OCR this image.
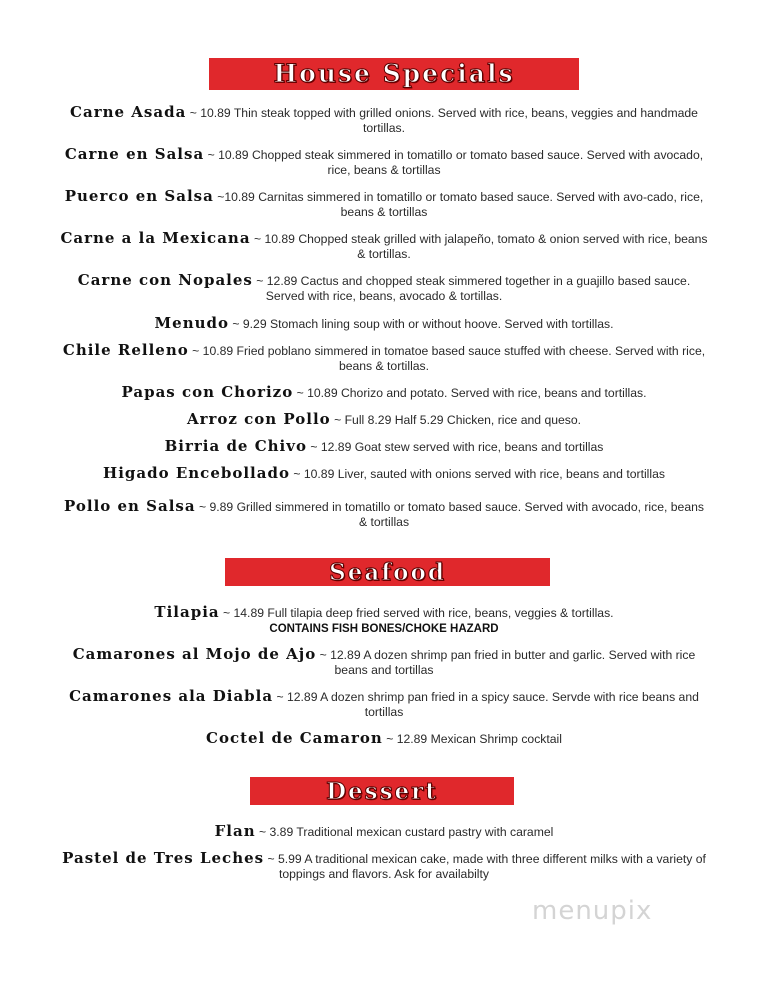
House Specials
Carne Asada ~ 10.89 Thin steak topped with grilled onions. Served with rice, beans, veggies and handmade tortillas.
Carne en Salsa ~ 10.89 Chopped steak simmered in tomatillo or tomato based sauce. Served with avocado, rice, beans & tortillas
Puerco en Salsa ~10.89 Carnitas simmered in tomatillo or tomato based sauce. Served with avo-cado, rice, beans & tortillas
Carne a la Mexicana ~ 10.89 Chopped steak grilled with jalapeño, tomato & onion served with rice, beans & tortillas.
Carne con Nopales ~ 12.89 Cactus and chopped steak simmered together in a guajillo based sauce. Served with rice, beans, avocado & tortillas.
Menudo ~ 9.29 Stomach lining soup with or without hoove. Served with tortillas.
Chile Relleno ~ 10.89 Fried poblano simmered in tomatoe based sauce stuffed with cheese. Served with rice, beans & tortillas.
Papas con Chorizo ~ 10.89 Chorizo and potato. Served with rice, beans and tortillas.
Arroz con Pollo ~ Full 8.29 Half 5.29 Chicken, rice and queso.
Birria de Chivo ~ 12.89 Goat stew served with rice, beans and tortillas
Higado Encebollado ~ 10.89 Liver, sauted with onions served with rice, beans and tortillas
Pollo en Salsa ~ 9.89 Grilled simmered in tomatillo or tomato based sauce. Served with avocado, rice, beans & tortillas
Seafood
Tilapia ~ 14.89 Full tilapia deep fried served with rice, beans, veggies & tortillas.
CONTAINS FISH BONES/CHOKE HAZARD
Camarones al Mojo de Ajo ~ 12.89 A dozen shrimp pan fried in butter and garlic. Served with rice beans and tortillas
Camarones ala Diabla ~ 12.89 A dozen shrimp pan fried in a spicy sauce. Servde with rice beans and tortillas
Coctel de Camaron ~ 12.89 Mexican Shrimp cocktail
Dessert
Flan ~ 3.89 Traditional mexican custard pastry with caramel
Pastel de Tres Leches ~ 5.99 A traditional mexican cake, made with three different milks with a variety of toppings and flavors. Ask for availabilty
menupix
